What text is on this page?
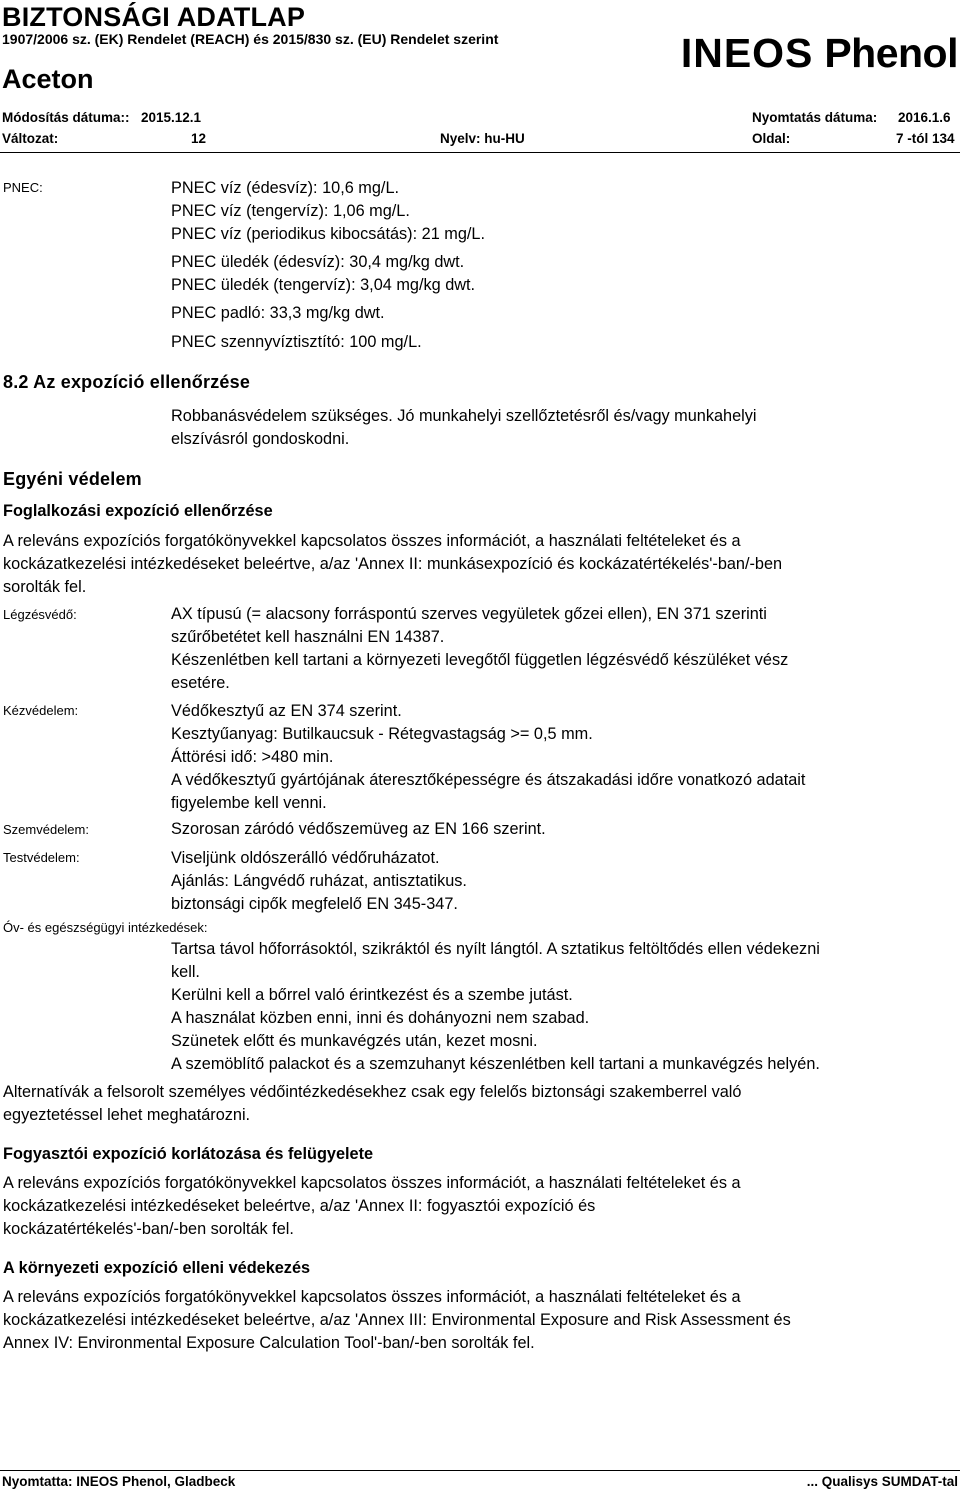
BIZTONSÁGI ADATLAP
1907/2006 sz. (EK) Rendelet (REACH) és 2015/830 sz. (EU) Rendelet szerint
Aceton
INEOS Phenol
Módosítás dátuma:: 2015.12.1	Nyomtatás dátuma: 2016.1.6
Változat:	12	Nyelv: hu-HU	Oldal:	7 -tól 134
PNEC:	PNEC víz (édesvíz): 10,6 mg/L.
PNEC víz (tengervíz): 1,06 mg/L.
PNEC víz (periodikus kibocsátás): 21 mg/L.
PNEC üledék (édesvíz): 30,4 mg/kg dwt.
PNEC üledék (tengervíz): 3,04 mg/kg dwt.
PNEC padló: 33,3 mg/kg dwt.
PNEC szennyvíztisztító: 100 mg/L.
8.2 Az expozíció ellenőrzése
Robbanásvédelem szükséges. Jó munkahelyi szellőztetésről és/vagy munkahelyi
elszívásról gondoskodni.
Egyéni védelem
Foglalkozási expozíció ellenőrzése
A releváns expozíciós forgatókönyvekkel kapcsolatos összes információt, a használati feltételeket és a
kockázatkezelési intézkedéseket beleértve, a/az 'Annex II: munkásexpozíció és kockázatértékelés'-ban/-ben
sorolták fel.
Légzésvédő:	AX típusú (= alacsony forráspontú szerves vegyületek gőzei ellen), EN 371 szerinti
szűrőbetétet kell használni EN 14387.
Készenlétben kell tartani a környezeti levegőtől független légzésvédő készüléket vész
esetére.
Kézvédelem:	Védőkesztyű az EN 374 szerint.
Kesztyűanyag: Butilkaucsuk - Rétegvastagság >= 0,5 mm.
Áttörési idő: >480 min.
A védőkesztyű gyártójának áteresztőképességre és átszakadási időre vonatkozó adatait
figyelembe kell venni.
Szemvédelem:	Szorosan záródó védőszemüveg az EN 166 szerint.
Testvédelem:	Viseljünk oldószerálló védőruházatot.
Ajánlás: Lángvédő ruházat, antisztatikus.
biztonsági cipők megfelelő EN 345-347.
Óv- és egészségügyi intézkedések:
Tartsa távol hőforrásoktól, szikráktól és nyílt lángtól. A sztatikus feltöltődés ellen védekezni
kell.
Kerülni kell a bőrrel való érintkezést és a szembe jutást.
A használat közben enni, inni és dohányozni nem szabad.
Szünetek előtt és munkavégzés után, kezet mosni.
A szemöblítő palackot és a szemzuhanyt készenlétben kell tartani a munkavégzés helyén.
Alternatívák a felsorolt személyes védőintézkedésekhez csak egy felelős biztonsági szakemberrel való
egyeztetéssel lehet meghatározni.
Fogyasztói expozíció korlátozása és felügyelete
A releváns expozíciós forgatókönyvekkel kapcsolatos összes információt, a használati feltételeket és a
kockázatkezelési intézkedéseket beleértve, a/az 'Annex II: fogyasztói expozíció és
kockázatértékelés'-ban/-ben sorolták fel.
A környezeti expozíció elleni védekezés
A releváns expozíciós forgatókönyvekkel kapcsolatos összes információt, a használati feltételeket és a
kockázatkezelési intézkedéseket beleértve, a/az 'Annex III: Environmental Exposure and Risk Assessment és
Annex IV: Environmental Exposure Calculation Tool'-ban/-ben sorolták fel.
Nyomtatta: INEOS Phenol, Gladbeck	... Qualisys SUMDAT-tal
